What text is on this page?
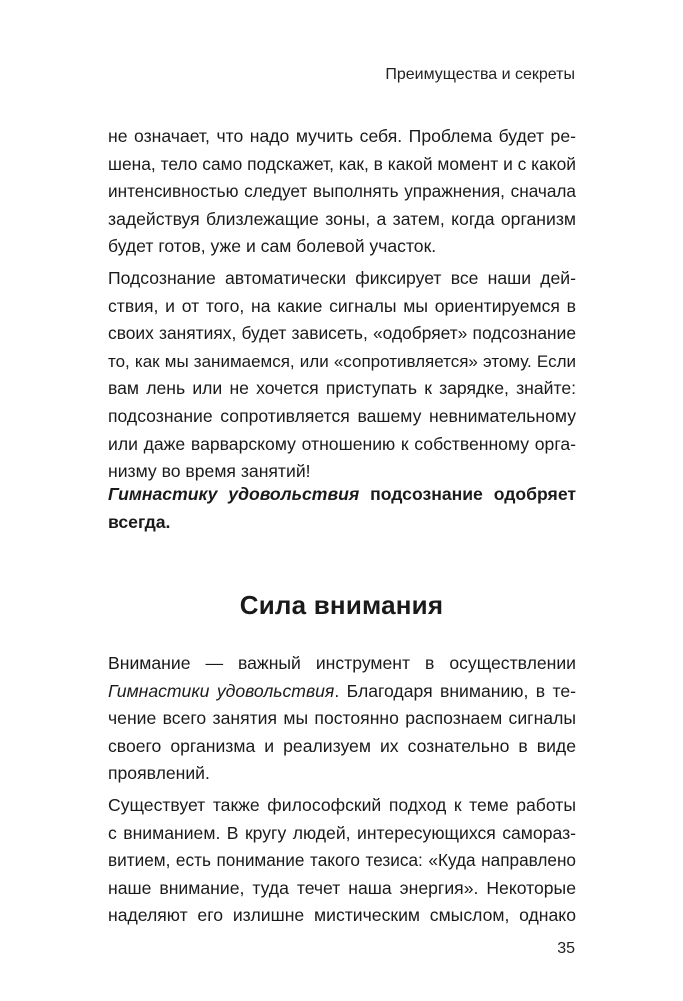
Преимущества и секреты
не означает, что надо мучить себя. Проблема будет ре-
шена, тело само подскажет, как, в какой момент и с какой
интенсивностью следует выполнять упражнения, сначала
задействуя близлежащие зоны, а затем, когда организм
будет готов, уже и сам болевой участок.
Подсознание автоматически фиксирует все наши дей-
ствия, и от того, на какие сигналы мы ориентируемся в
своих занятиях, будет зависеть, «одобряет» подсознание
то, как мы занимаемся, или «сопротивляется» этому. Если
вам лень или не хочется приступать к зарядке, знайте:
подсознание сопротивляется вашему невнимательному
или даже варварскому отношению к собственному орга-
низму во время занятий!
Гимнастику удовольствия подсознание одобряет
всегда.
Сила внимания
Внимание — важный инструмент в осуществлении
Гимнастики удовольствия. Благодаря вниманию, в те-
чение всего занятия мы постоянно распознаем сигналы
своего организма и реализуем их сознательно в виде
проявлений.
Существует также философский подход к теме работы
с вниманием. В кругу людей, интересующихся самораз-
витием, есть понимание такого тезиса: «Куда направлено
наше внимание, туда течет наша энергия». Некоторые
наделяют его излишне мистическим смыслом, однако
35
